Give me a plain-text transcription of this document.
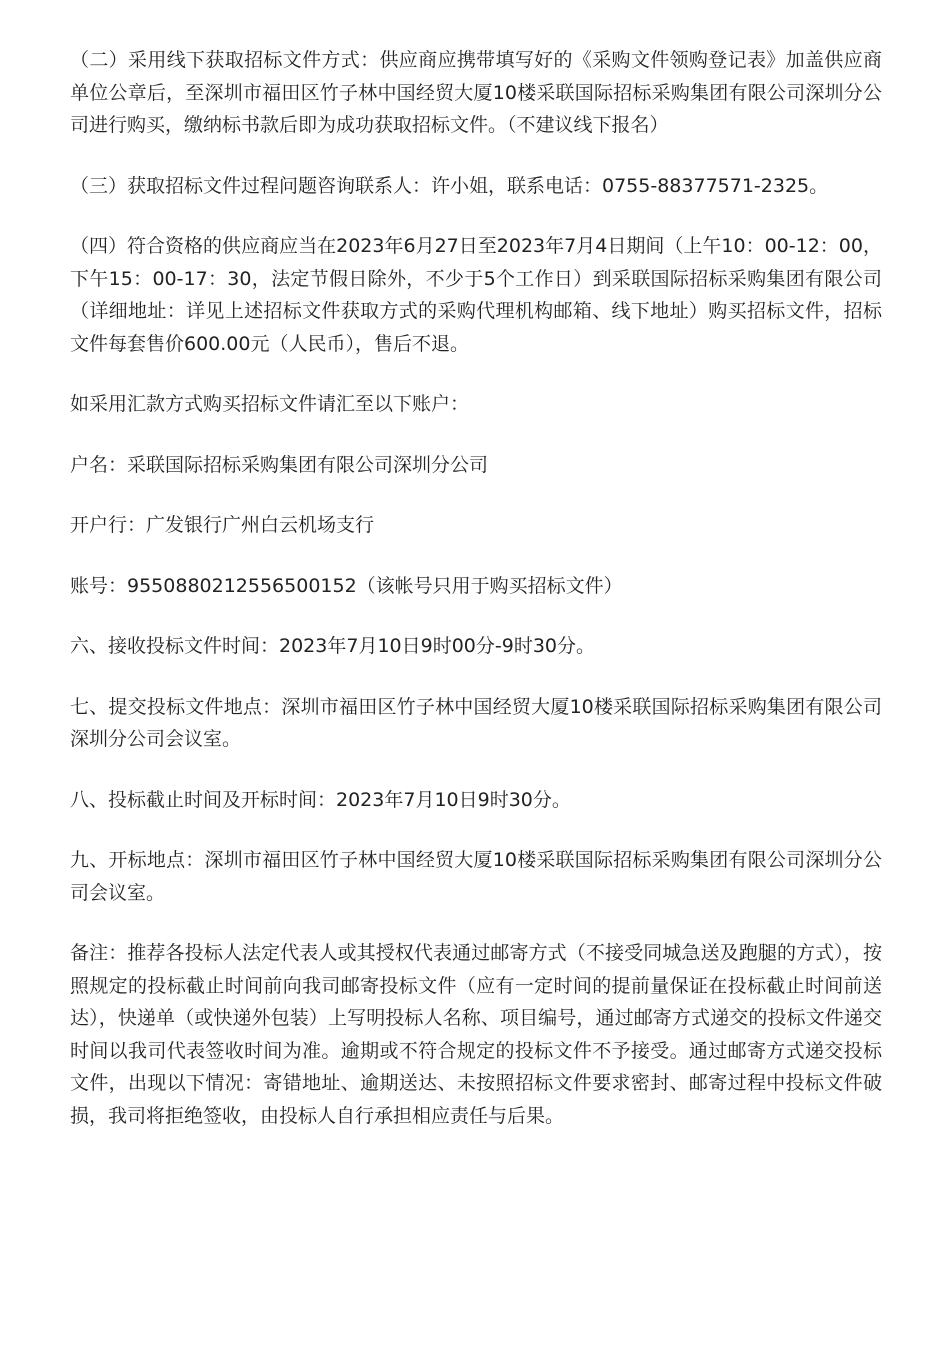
（二）采用线下获取招标文件方式：供应商应携带填写好的《采购文件领购登记表》加盖供应商单位公章后，至深圳市福田区竹子林中国经贸大厦10楼采联国际招标采购集团有限公司深圳分公司进行购买，缴纳标书款后即为成功获取招标文件。（不建议线下报名）

（三）获取招标文件过程问题咨询联系人：许小姐，联系电话：0755-88377571-2325。

（四）符合资格的供应商应当在2023年6月27日至2023年7月4日期间（上午10：00-12：00，下午15：00-17：30，法定节假日除外，不少于5个工作日）到采联国际招标采购集团有限公司（详细地址：详见上述招标文件获取方式的采购代理机构邮箱、线下地址）购买招标文件，招标文件每套售价600.00元（人民币），售后不退。

如采用汇款方式购买招标文件请汇至以下账户：

户名：采联国际招标采购集团有限公司深圳分公司

开户行：广发银行广州白云机场支行

账号：9550880212556500152（该帐号只用于购买招标文件）

六、接收投标文件时间：2023年7月10日9时00分-9时30分。

七、提交投标文件地点：深圳市福田区竹子林中国经贸大厦10楼采联国际招标采购集团有限公司深圳分公司会议室。

八、投标截止时间及开标时间：2023年7月10日9时30分。

九、开标地点：深圳市福田区竹子林中国经贸大厦10楼采联国际招标采购集团有限公司深圳分公司会议室。

备注：推荐各投标人法定代表人或其授权代表通过邮寄方式（不接受同城急送及跑腿的方式），按照规定的投标截止时间前向我司邮寄投标文件（应有一定时间的提前量保证在投标截止时间前送达），快递单（或快递外包装）上写明投标人名称、项目编号，通过邮寄方式递交的投标文件递交时间以我司代表签收时间为准。逾期或不符合规定的投标文件不予接受。通过邮寄方式递交投标文件，出现以下情况：寄错地址、逾期送达、未按照招标文件要求密封、邮寄过程中投标文件破损，我司将拒绝签收，由投标人自行承担相应责任与后果。
